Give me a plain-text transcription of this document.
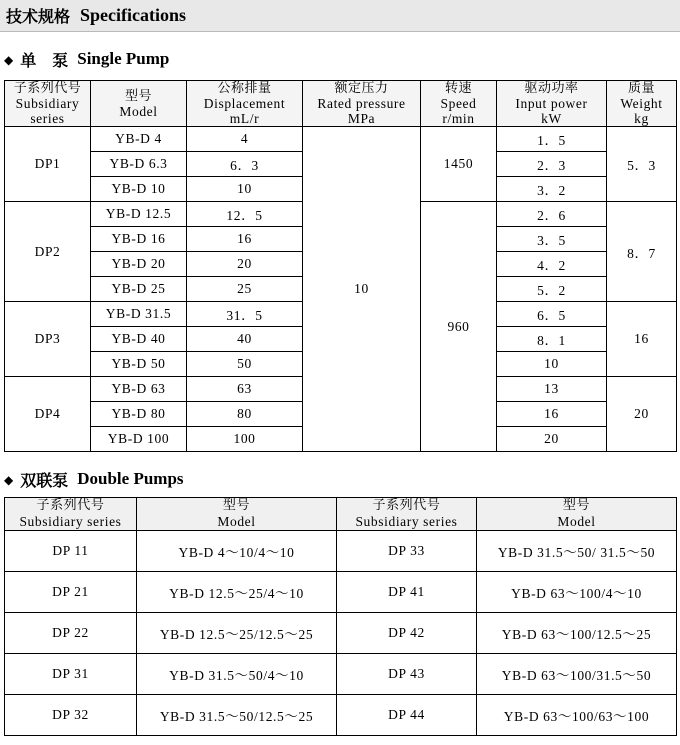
技术规格 Specifications
◆ 单　泵 Single Pump
子系列代号
Subsidiary
series	型号
Model	公称排量
Displacement
mL/r	额定压力
Rated pressure
MPa	转速
Speed
r/min	驱动功率
Input power
kW	质量
Weight
kg

DP1	YB-D 4	4	10	1450	1．5	5．3
	YB-D 6.3	6．3			2．3	
	YB-D 10	10			3．2	
DP2	YB-D 12.5	12．5		960	2．6	8．7
	YB-D 16	16			3．5	
	YB-D 20	20			4．2	
	YB-D 25	25			5．2	
DP3	YB-D 31.5	31．5			6．5	16
	YB-D 40	40			8．1	
	YB-D 50	50			10	
DP4	YB-D 63	63			13	20
	YB-D 80	80			16	
	YB-D 100	100			20	
◆ 双联泵 Double Pumps
子系列代号
Subsidiary series	型号
Model	子系列代号
Subsidiary series	型号
Model

DP 11	YB-D 4～10/4～10	DP 33	YB-D 31.5～50/ 31.5～50
DP 21	YB-D 12.5～25/4～10	DP 41	YB-D 63～100/4～10
DP 22	YB-D 12.5～25/12.5～25	DP 42	YB-D 63～100/12.5～25
DP 31	YB-D 31.5～50/4～10	DP 43	YB-D 63～100/31.5～50
DP 32	YB-D 31.5～50/12.5～25	DP 44	YB-D 63～100/63～100
